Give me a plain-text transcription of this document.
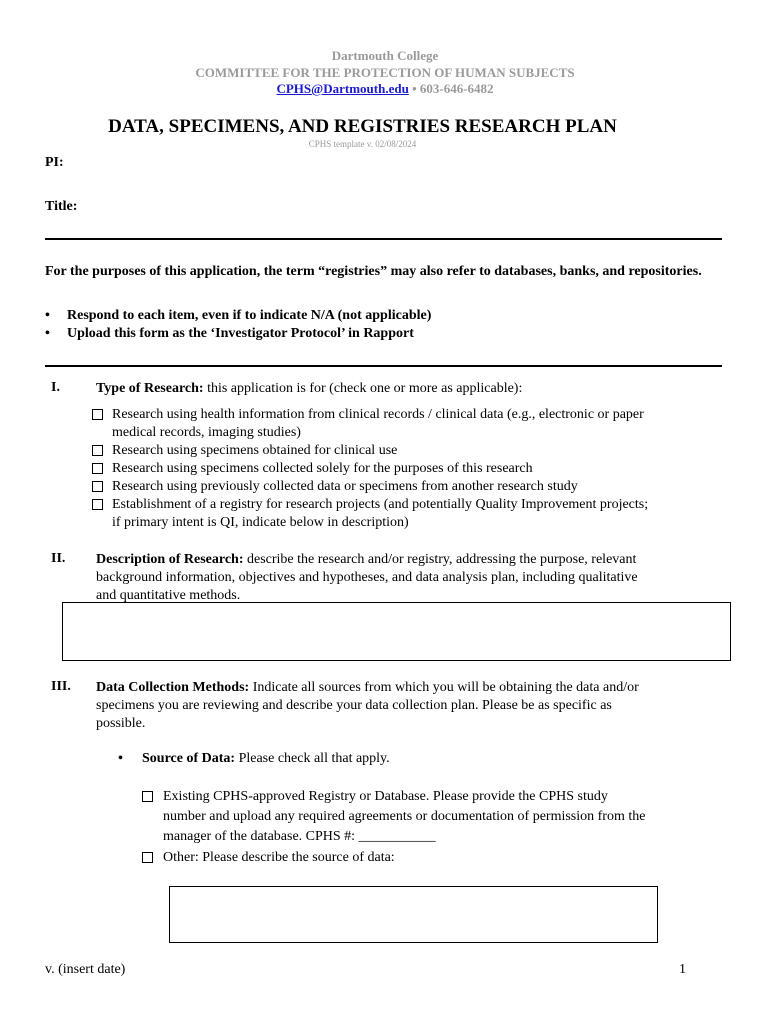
Dartmouth College
COMMITTEE FOR THE PROTECTION OF HUMAN SUBJECTS
CPHS@Dartmouth.edu • 603-646-6482
DATA, SPECIMENS, AND REGISTRIES RESEARCH PLAN
CPHS template v. 02/08/2024
PI:
Title:
For the purposes of this application, the term “registries” may also refer to databases, banks, and repositories.
• Respond to each item, even if to indicate N/A (not applicable)
• Upload this form as the ‘Investigator Protocol’ in Rapport
I.	Type of Research: this application is for (check one or more as applicable):
Research using health information from clinical records / clinical data (e.g., electronic or paper medical records, imaging studies)
Research using specimens obtained for clinical use
Research using specimens collected solely for the purposes of this research
Research using previously collected data or specimens from another research study
Establishment of a registry for research projects (and potentially Quality Improvement projects; if primary intent is QI, indicate below in description)
II. Description of Research: describe the research and/or registry, addressing the purpose, relevant background information, objectives and hypotheses, and data analysis plan, including qualitative and quantitative methods.
III. Data Collection Methods: Indicate all sources from which you will be obtaining the data and/or specimens you are reviewing and describe your data collection plan. Please be as specific as possible.
• Source of Data: Please check all that apply.
Existing CPHS-approved Registry or Database. Please provide the CPHS study number and upload any required agreements or documentation of permission from the manager of the database. CPHS #: ___________
Other: Please describe the source of data:
v. (insert date)	1
